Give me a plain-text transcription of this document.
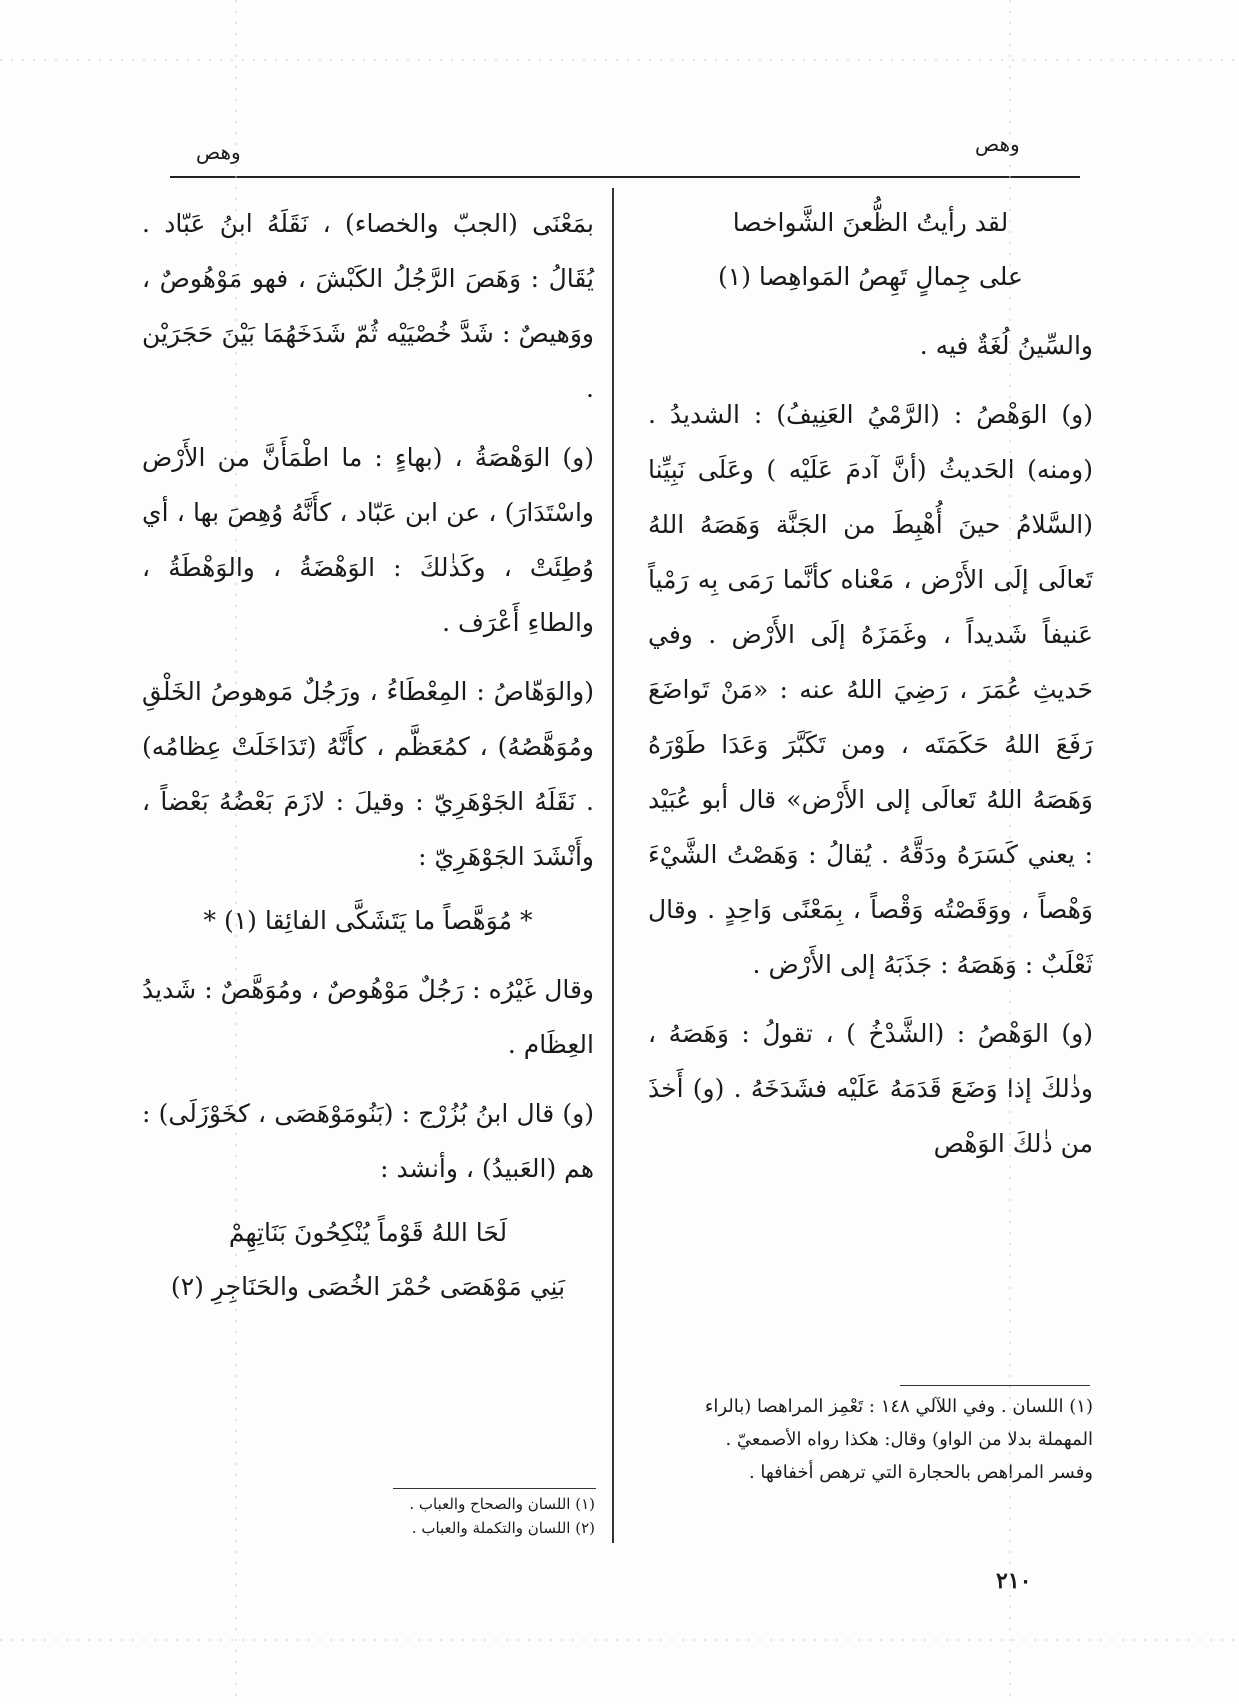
وهص	وهص
لقد رأيتُ الظُّعنَ الشَّواخصا
على جِمالٍ تَهِصُ المَواهِصا (١)

والسِّينُ لُغَةٌ فيه .

(و) الوَهْصُ : (الرَّمْيُ العَنِيفُ) : الشديدُ . (ومنه) الحَديثُ (أنَّ آدمَ عَلَيْه ) وعَلَى نَبِيِّنا (السَّلامُ حينَ أُهْبِطَ من الجَنَّة وَهَصَهُ اللهُ تَعالَى إلَى الأَرْض ، مَعْناه كأنَّما رَمَى بِه رَمْياً عَنيفاً شَديداً ، وغَمَزَهُ إلَى الأَرْض . وفي حَديثِ عُمَرَ ، رَضِيَ اللهُ عنه : «مَنْ تَواضَعَ رَفَعَ اللهُ حَكَمَتَه ، ومن تَكَبَّرَ وَعَدَا طَوْرَهُ وَهَصَهُ اللهُ تَعالَى إلى الأَرْض» قال أبو عُبَيْد : يعني كَسَرَهُ ودَقَّهُ . يُقالُ : وَهَصْتُ الشَّيْءَ وَهْصاً ، ووَقَصْتُه وَقْصاً ، بِمَعْنًى وَاحِدٍ . وقال ثَعْلَبٌ : وَهَصَهُ : جَذَبَهُ إلى الأَرْض .

(و) الوَهْصُ : (الشَّدْخُ ) ، تقولُ : وَهَصَهُ ، وذٰلكَ إذا وَضَعَ قَدَمَهُ عَلَيْه فشَدَخَهُ . (و) أَخذَ من ذٰلكَ الوَهْص

بمَعْنَى (الجبّ والخصاء) ، نَقَلَهُ ابنُ عَبّاد . يُقَالُ : وَهَصَ الرَّجُلُ الكَبْشَ ، فهو مَوْهُوصٌ ، ووَهيصٌ : شَدَّ خُصْيَيْه ثُمّ شَدَخَهُمَا بَيْنَ حَجَرَيْن .

(و) الوَهْصَةُ ، (بهاءٍ : ما اطْمَأَنَّ من الأَرْض واسْتَدَارَ) ، عن ابن عَبّاد ، كأَنَّهُ وُهِصَ بها ، أي وُطِئَتْ ، وكَذٰلكَ : الوَهْضَةُ ، والوَهْطَةُ ، والطاءِ أَعْرَف .

(والوَهّاصُ : المِعْطَاءُ ، ورَجُلٌ مَوهوصُ الخَلْقِ ومُوَهَّصُهُ) ، كمُعَظَّم ، كأَنَّهُ (تَدَاخَلَتْ عِظامُه) . نَقَلَهُ الجَوْهَرِيّ : وقيلَ : لازَمَ بَعْضُهُ بَعْضاً ، وأَنْشَدَ الجَوْهَرِيّ :

* مُوَهَّصاً ما يَتَشَكَّى الفائِقا (١) *

وقال غَيْرُه : رَجُلٌ مَوْهُوصٌ ، ومُوَهَّصٌ : شَديدُ العِظَام .

(و) قال ابنُ بُزُرْج : (بَنُومَوْهَصَى ، كخَوْزَلَى) : هم (العَبيدُ) ، وأنشد :

لَحَا اللهُ قَوْماً يُنْكِحُونَ بَنَاتِهِمْ
بَنِي مَوْهَصَى حُمْرَ الخُصَى والحَنَاجِرِ (٢)

(١) اللسان . وفي اللآلي ١٤٨ : تَعْمِز المراهصا (بالراء المهملة بدلا من الواو) وقال: هكذا رواه الأصمعيّ . وفسر المراهص بالحجارة التي ترهص أخفافها .

(١) اللسان والصحاح والعباب .

(٢) اللسان والتكملة والعباب .

٢١٠
